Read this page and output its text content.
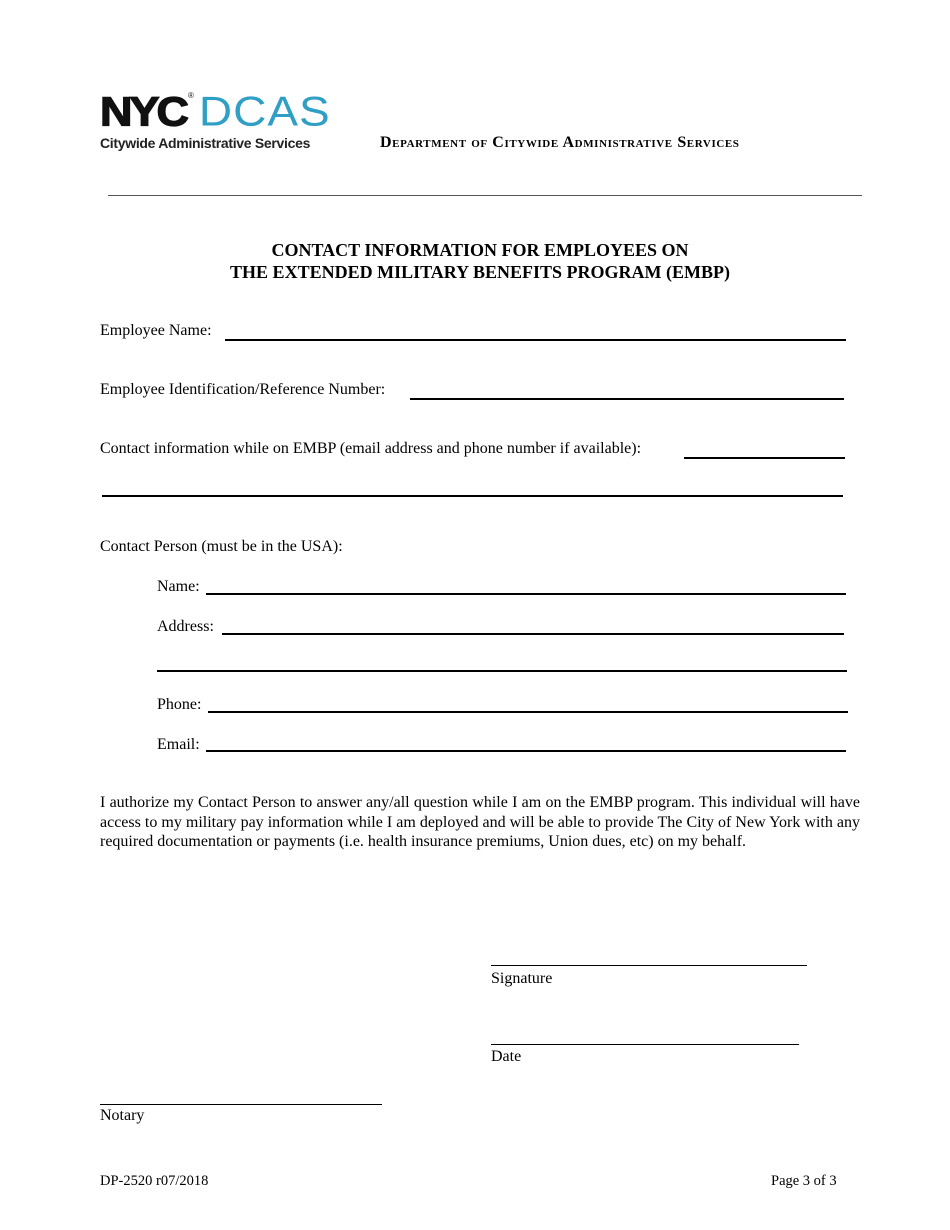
NYC ® DCAS
Citywide Administrative Services	Department of Citywide Administrative Services
CONTACT INFORMATION FOR EMPLOYEES ON
THE EXTENDED MILITARY BENEFITS PROGRAM (EMBP)
Employee Name:
Employee Identification/Reference Number:
Contact information while on EMBP (email address and phone number if available):
Contact Person (must be in the USA):
Name:
Address:
Phone:
Email:
I authorize my Contact Person to answer any/all question while I am on the EMBP program. This individual will have access to my military pay information while I am deployed and will be able to provide The City of New York with any required documentation or payments (i.e. health insurance premiums, Union dues, etc) on my behalf.
Signature
Date
Notary
DP-2520 r07/2018	Page 3 of 3
